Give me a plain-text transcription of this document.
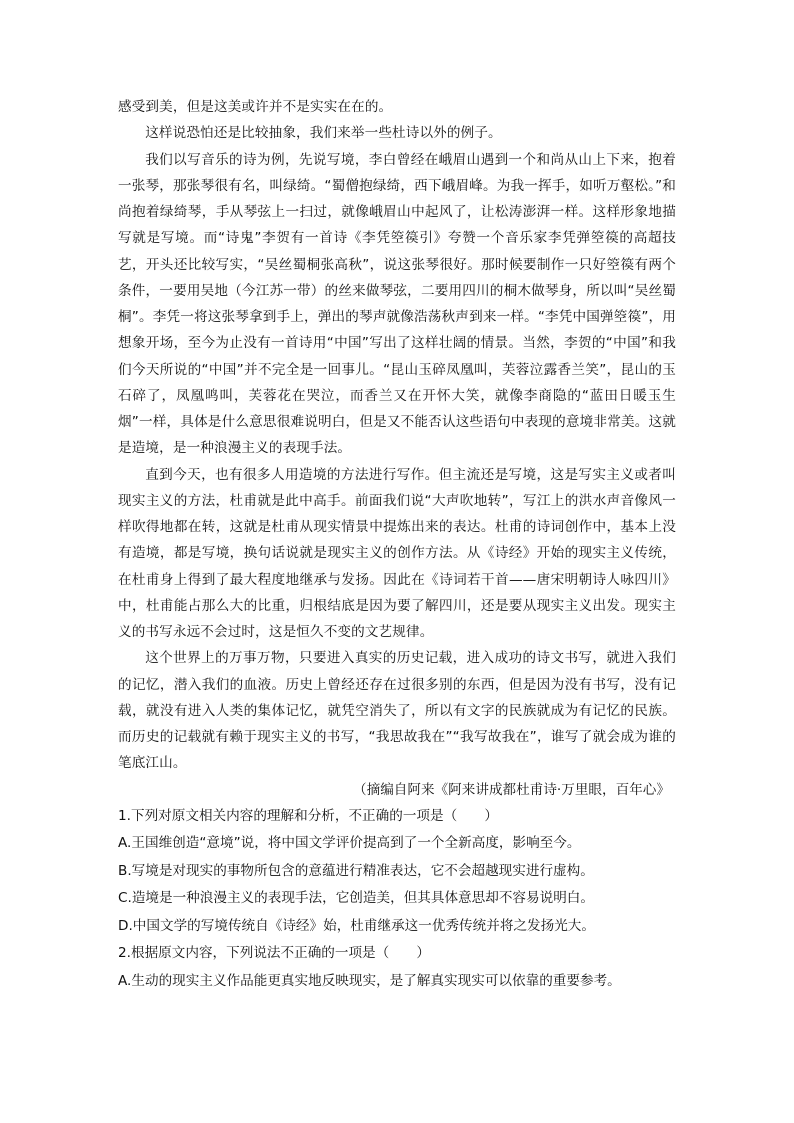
感受到美，但是这美或许并不是实实在在的。

这样说恐怕还是比较抽象，我们来举一些杜诗以外的例子。

我们以写音乐的诗为例，先说写境，李白曾经在峨眉山遇到一个和尚从山上下来，抱着一张琴，那张琴很有名，叫绿绮。“蜀僧抱绿绮，西下峨眉峰。为我一挥手，如听万壑松。”和尚抱着绿绮琴，手从琴弦上一扫过，就像峨眉山中起风了，让松涛澎湃一样。这样形象地描写就是写境。而“诗鬼”李贺有一首诗《李凭箜篌引》夸赞一个音乐家李凭弹箜篌的高超技艺，开头还比较写实，“吴丝蜀桐张高秋”，说这张琴很好。那时候要制作一只好箜篌有两个条件，一要用吴地（今江苏一带）的丝来做琴弦，二要用四川的桐木做琴身，所以叫“吴丝蜀桐”。李凭一将这张琴拿到手上，弹出的琴声就像浩荡秋声到来一样。“李凭中国弹箜篌”，用想象开场，至今为止没有一首诗用“中国”写出了这样壮阔的情景。当然，李贺的“中国”和我们今天所说的“中国”并不完全是一回事儿。“昆山玉碎凤凰叫，芙蓉泣露香兰笑”，昆山的玉石碎了，凤凰鸣叫，芙蓉花在哭泣，而香兰又在开怀大笑，就像李商隐的“蓝田日暖玉生烟”一样，具体是什么意思很难说明白，但是又不能否认这些语句中表现的意境非常美。这就是造境，是一种浪漫主义的表现手法。

直到今天，也有很多人用造境的方法进行写作。但主流还是写境，这是写实主义或者叫现实主义的方法，杜甫就是此中高手。前面我们说“大声吹地转”，写江上的洪水声音像风一样吹得地都在转，这就是杜甫从现实情景中提炼出来的表达。杜甫的诗词创作中，基本上没有造境，都是写境，换句话说就是现实主义的创作方法。从《诗经》开始的现实主义传统，在杜甫身上得到了最大程度地继承与发扬。因此在《诗词若干首——唐宋明朝诗人咏四川》中，杜甫能占那么大的比重，归根结底是因为要了解四川，还是要从现实主义出发。现实主义的书写永远不会过时，这是恒久不变的文艺规律。

这个世界上的万事万物，只要进入真实的历史记载，进入成功的诗文书写，就进入我们的记忆，潜入我们的血液。历史上曾经还存在过很多别的东西，但是因为没有书写，没有记载，就没有进入人类的集体记忆，就凭空消失了，所以有文字的民族就成为有记忆的民族。而历史的记载就有赖于现实主义的书写，“我思故我在”“我写故我在”，谁写了就会成为谁的笔底江山。

（摘编自阿来《阿来讲成都杜甫诗·万里眼，百年心》

1.下列对原文相关内容的理解和分析，不正确的一项是（　　）

A.王国维创造“意境”说，将中国文学评价提高到了一个全新高度，影响至今。
B.写境是对现实的事物所包含的意蕴进行精准表达，它不会超越现实进行虚构。
C.造境是一种浪漫主义的表现手法，它创造美，但其具体意思却不容易说明白。
D.中国文学的写境传统自《诗经》始，杜甫继承这一优秀传统并将之发扬光大。

2.根据原文内容，下列说法不正确的一项是（　　）

A.生动的现实主义作品能更真实地反映现实，是了解真实现实可以依靠的重要参考。
